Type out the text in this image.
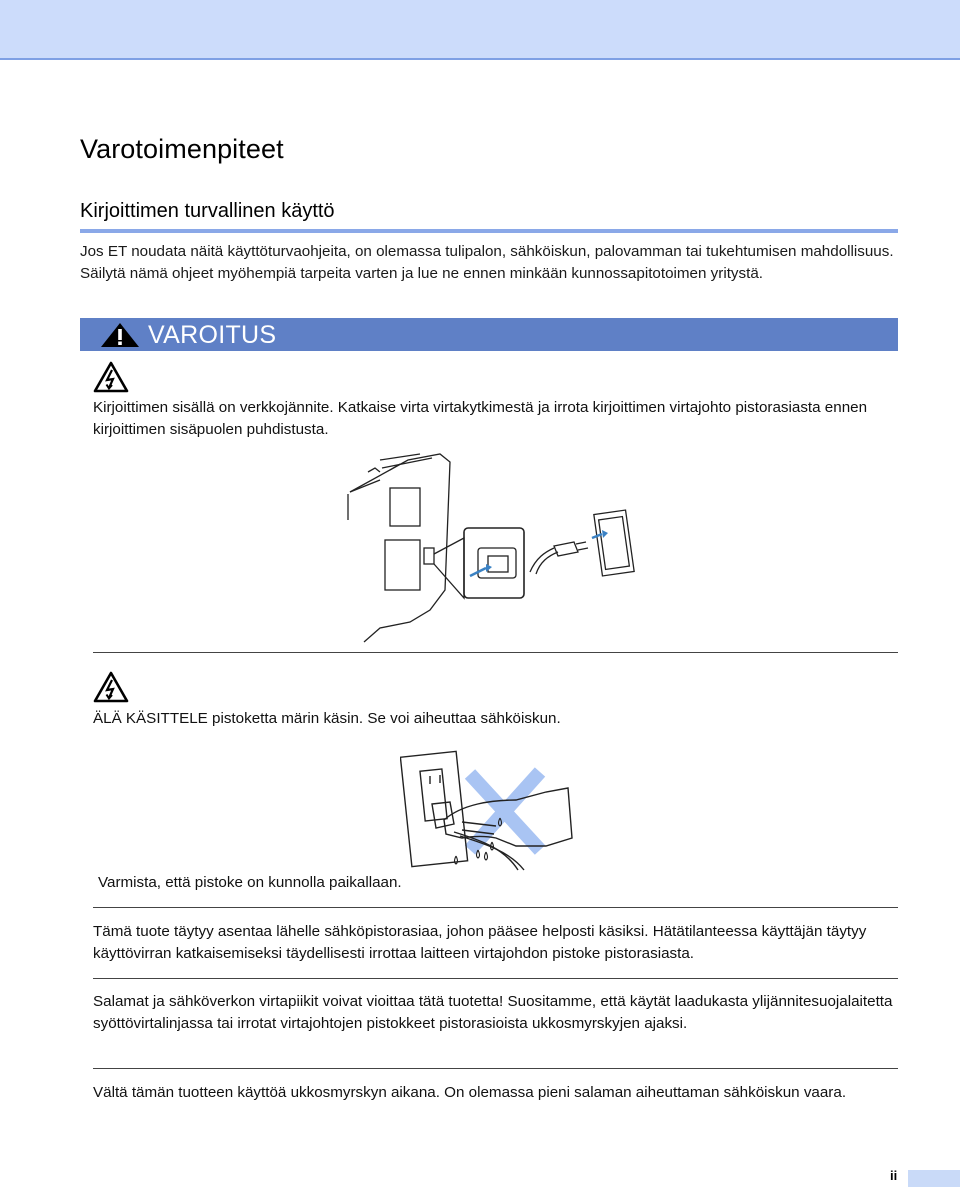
Varotoimenpiteet
Kirjoittimen turvallinen käyttö
Jos ET noudata näitä käyttöturvaohjeita, on olemassa tulipalon, sähköiskun, palovamman tai tukehtumisen mahdollisuus. Säilytä nämä ohjeet myöhempiä tarpeita varten ja lue ne ennen minkään kunnossapitotoimen yritystä.
VAROITUS
Kirjoittimen sisällä on verkkojännite. Katkaise virta virtakytkimestä ja irrota kirjoittimen virtajohto pistorasiasta ennen kirjoittimen sisäpuolen puhdistusta.
ÄLÄ KÄSITTELE pistoketta märin käsin. Se voi aiheuttaa sähköiskun.
Varmista, että pistoke on kunnolla paikallaan.
Tämä tuote täytyy asentaa lähelle sähköpistorasiaa, johon pääsee helposti käsiksi. Hätätilanteessa käyttäjän täytyy käyttövirran katkaisemiseksi täydellisesti irrottaa laitteen virtajohdon pistoke pistorasiasta.
Salamat ja sähköverkon virtapiikit voivat vioittaa tätä tuotetta! Suositamme, että käytät laadukasta ylijännitesuojalaitetta syöttövirtalinjassa tai irrotat virtajohtojen pistokkeet pistorasioista ukkosmyrskyjen ajaksi.
Vältä tämän tuotteen käyttöä ukkosmyrskyn aikana. On olemassa pieni salaman aiheuttaman sähköiskun vaara.
ii
